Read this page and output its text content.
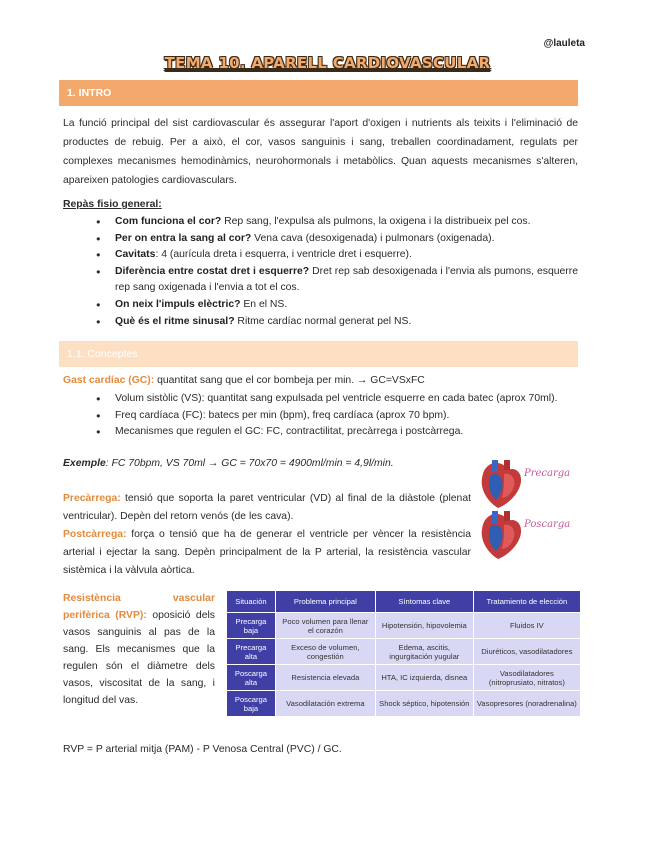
@lauleta
TEMA 10. APARELL CARDIOVASCULAR
1. INTRO

La funció principal del sist cardiovascular és assegurar l'aport d'oxigen i nutrients als teixits i l'eliminació de productes de rebuig. Per a això, el cor, vasos sanguinis i sang, treballen coordinadament, regulats per complexes mecanismes hemodinàmics, neurohormonals i metabòlics. Quan aquests mecanismes s'alteren, apareixen patologies cardiovasculars.

Repàs fisio general:
● Com funciona el cor? Rep sang, l'expulsa als pulmons, la oxigena i la distribueix pel cos.
● Per on entra la sang al cor? Vena cava (desoxigenada) i pulmonars (oxigenada).
● Cavitats: 4 (aurícula dreta i esquerra, i ventricle dret i esquerre).
● Diferència entre costat dret i esquerre? Dret rep sab desoxigenada i l'envia als pumons, esquerre rep sang oxigenada i l'envia a tot el cos.
● On neix l'impuls elèctric? En el NS.
● Què és el ritme sinusal? Ritme cardíac normal generat pel NS.
1.1. Conceptes
Gast cardíac (GC): quantitat sang que el cor bombeja per min. → GC=VSxFC
● Volum sistòlic (VS): quantitat sang expulsada pel ventricle esquerre en cada batec (aprox 70ml).
● Freq cardíaca (FC): batecs per min (bpm), freq cardíaca (aprox 70 bpm).
● Mecanismes que regulen el GC: FC, contractilitat, precàrrega i postcàrrega.
Exemple: FC 70bpm, VS 70ml → GC = 70x70 = 4900ml/min = 4,9l/min.

Precàrrega: tensió que soporta la paret ventricular (VD) al final de la diàstole (plenat ventricular). Depèn del retorn venós (de les cava).

Postcàrrega: força o tensió que ha de generar el ventricle per vèncer la resistència arterial i ejectar la sang. Depèn principalment de la P arterial, la resistència vascular sistèmica i la vàlvula aòrtica.

Precarga
Poscarga

Resistència vascular perifèrica (RVP): oposició dels vasos sanguinis al pas de la sang. Els mecanismes que la regulen són el diàmetre dels vasos, viscositat de la sang, i longitud del vas.

Situación	Problema principal	Síntomas clave	Tratamiento de elección
Precarga baja	Poco volumen para llenar el corazón	Hipotensión, hipovolemia	Fluidos IV
Precarga alta	Exceso de volumen, congestión	Edema, ascitis, ingurgitación yugular	Diuréticos, vasodilatadores
Poscarga alta	Resistencia elevada	HTA, IC izquierda, disnea	Vasodilatadores (nitroprusiato, nitratos)
Poscarga baja	Vasodilatación extrema	Shock séptico, hipotensión	Vasopresores (noradrenalina)
RVP = P arterial mitja (PAM) - P Venosa Central (PVC) / GC.
